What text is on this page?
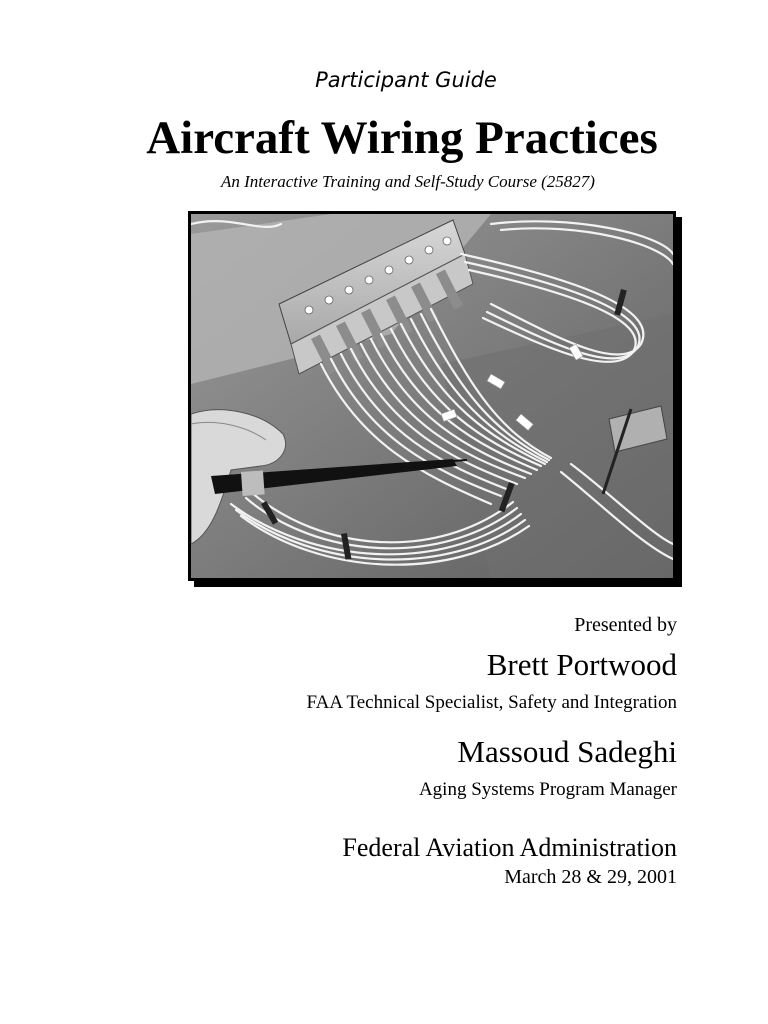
Participant Guide
Aircraft Wiring Practices
An Interactive Training and Self-Study Course (25827)
Presented by
Brett Portwood
FAA Technical Specialist, Safety and Integration
Massoud Sadeghi
Aging Systems Program Manager
Federal Aviation Administration
March 28 & 29, 2001
